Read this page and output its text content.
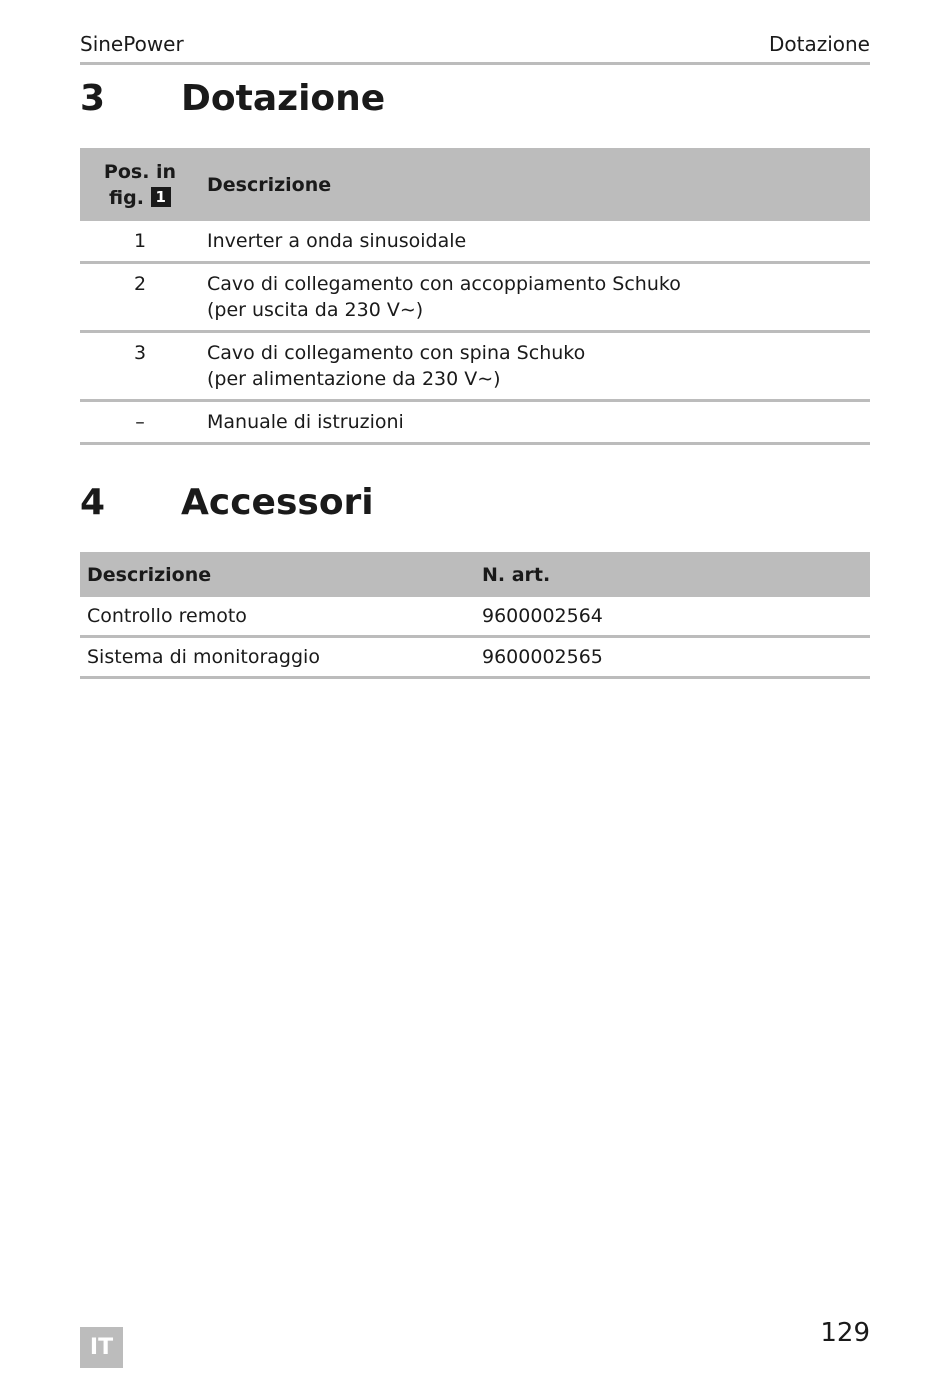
SinePower	Dotazione
3 Dotazione
Pos. in
fig. 1	Descrizione
1	Inverter a onda sinusoidale
2	Cavo di collegamento con accoppiamento Schuko
(per uscita da 230 V∼)
3	Cavo di collegamento con spina Schuko
(per alimentazione da 230 V∼)
–	Manuale di istruzioni
4 Accessori
Descrizione	N. art.
Controllo remoto	9600002564
Sistema di monitoraggio	9600002565
IT	129
